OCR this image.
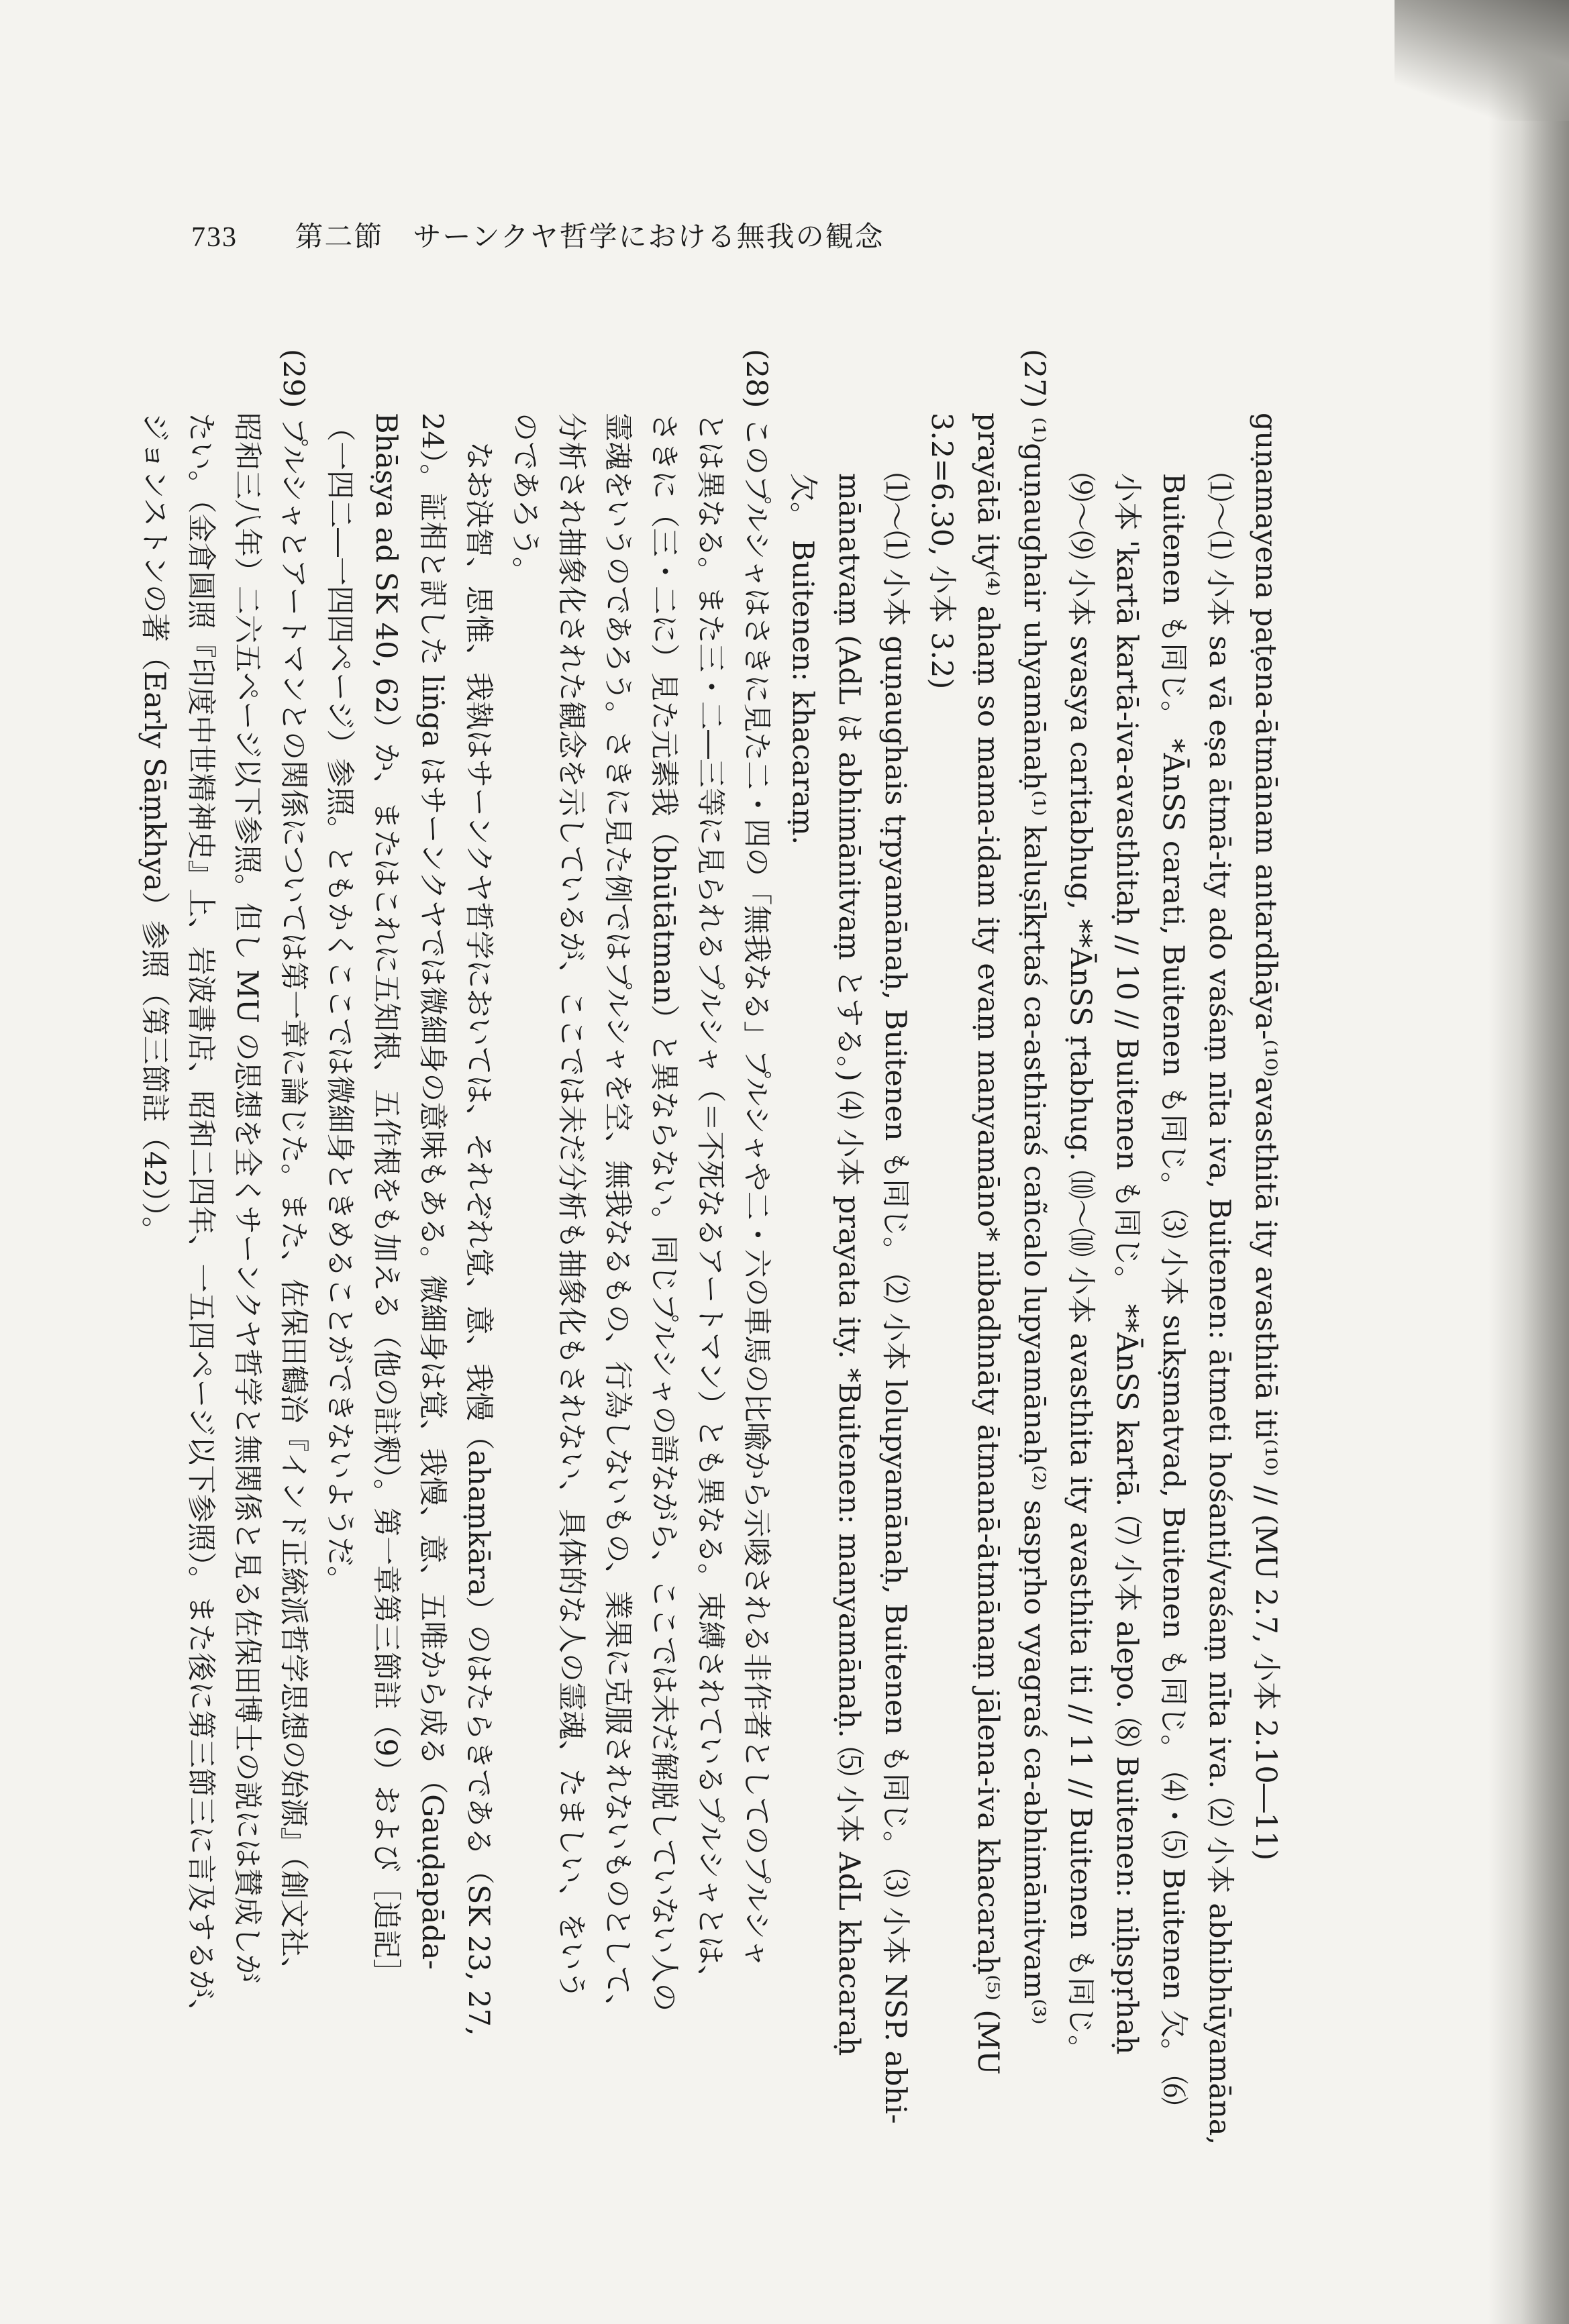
733 第二節　サーンクヤ哲学における無我の観念
guṇamayena paṭena-ātmānam antardhāya-⁽¹⁰⁾avasthitā ity avasthitā iti⁽¹⁰⁾ // (MU 2.7, 小本 2.10―11)
⑴～⑴ 小本 sa vā eṣa ātmā-ity ado vaśaṃ nīta iva, Buitenen: ātmeti hośanti/vaśaṃ nīta iva. ⑵ 小本 abhibhūyamāna,
Buitenen も同じ。 *ĀnSS carati, Buitenen も同じ。 ⑶ 小本 sukṣmatvad, Buitenen も同じ。 ⑷・⑸ Buitenen 欠。 ⑹
小本 'kartā kartā-iva-avasthitaḥ // 10 // Buitenen も同じ。 **ĀnSS kartā. ⑺ 小本 alepo. ⑻ Buitenen: niḥspṛhaḥ
⑼～⑼ 小本 svasya caritabhug, **ĀnSS ṛtabhug. ⑽～⑽ 小本 avasthita ity avasthita iti // 11 // Buitenen も同じ。
(27) ⁽¹⁾guṇaughair uhyamānaḥ⁽¹⁾ kaluṣīkṛtaś ca-asthiraś cañcalo lupyamānaḥ⁽²⁾ saspṛho vyagraś ca-abhimānitvam⁽³⁾
prayātā ity⁽⁴⁾ ahaṃ so mama-idam ity evaṃ manyamāno* nibadhnāty ātmanā-ātmānaṃ jālena-iva khacaraḥ⁽⁵⁾ (MU
3.2=6.30, 小本 3.2)
⑴～⑴ 小本 guṇaughais tṛpyamānaḥ, Buitenen も同じ。 ⑵ 小本 lolupyamānaḥ, Buitenen も同じ。 ⑶ 小本 NSP. abhi-
mānatvaṃ (AdL は abhimānitvaṃ とする。) ⑷ 小本 prayata ity. *Buitenen: manyamānaḥ. ⑸ 小本 AdL khacaraḥ
欠。 Buitenen: khacaraṃ.
(28) このプルシャはさきに見た二・四の「無我なる」プルシャや二・六の車馬の比喩から示唆される非作者としてのプルシャ
とは異なる。また三・二―三等に見られるプルシャ（＝不死なるアートマン）とも異なる。束縛されているプルシャとは、
さきに（三・二に）見た元素我（bhūtātman）と異ならない。同じプルシャの語ながら、ここでは未だ解脱していない人の
霊魂をいうのであろう。さきに見た例ではプルシャを空、無我なるもの、行為しないもの、業果に克服されないものとして、
分析され抽象化された観念を示しているが、ここでは未だ分析も抽象化もされない、具体的な人の霊魂、たましい、をいう
のであろう。
　なお決智、思惟、我執はサーンクヤ哲学においては、それぞれ覚、意、我慢（ahaṃkāra）のはたらきである（SK 23, 27,
24）。証相と訳した liṅga はサーンクヤでは微細身の意味もある。微細身は覚、我慢、意、五唯から成る（Gauḍapāda-
Bhāṣya ad SK 40, 62）か、またはこれに五知根、五作根をも加える（他の註釈）。第一章第三節註（9）および［追記］
（一四二―一四四ページ）参照。ともかくここでは微細身ときめることができないようだ。
(29) プルシャとアートマンとの関係については第一章に論じた。また、佐保田鶴治『インド正統派哲学思想の始源』（創文社、
昭和三八年）二六五ページ以下参照。但し MU の思想を全くサーンクヤ哲学と無関係と見る佐保田博士の説には賛成しが
たい。（金倉圓照『印度中世精神史』上、岩波書店、昭和二四年、一五四ページ以下参照）。また後に第三節三に言及するが、
ジョンストンの著（Early Sāṃkhya）参照（第三節註（42））。
